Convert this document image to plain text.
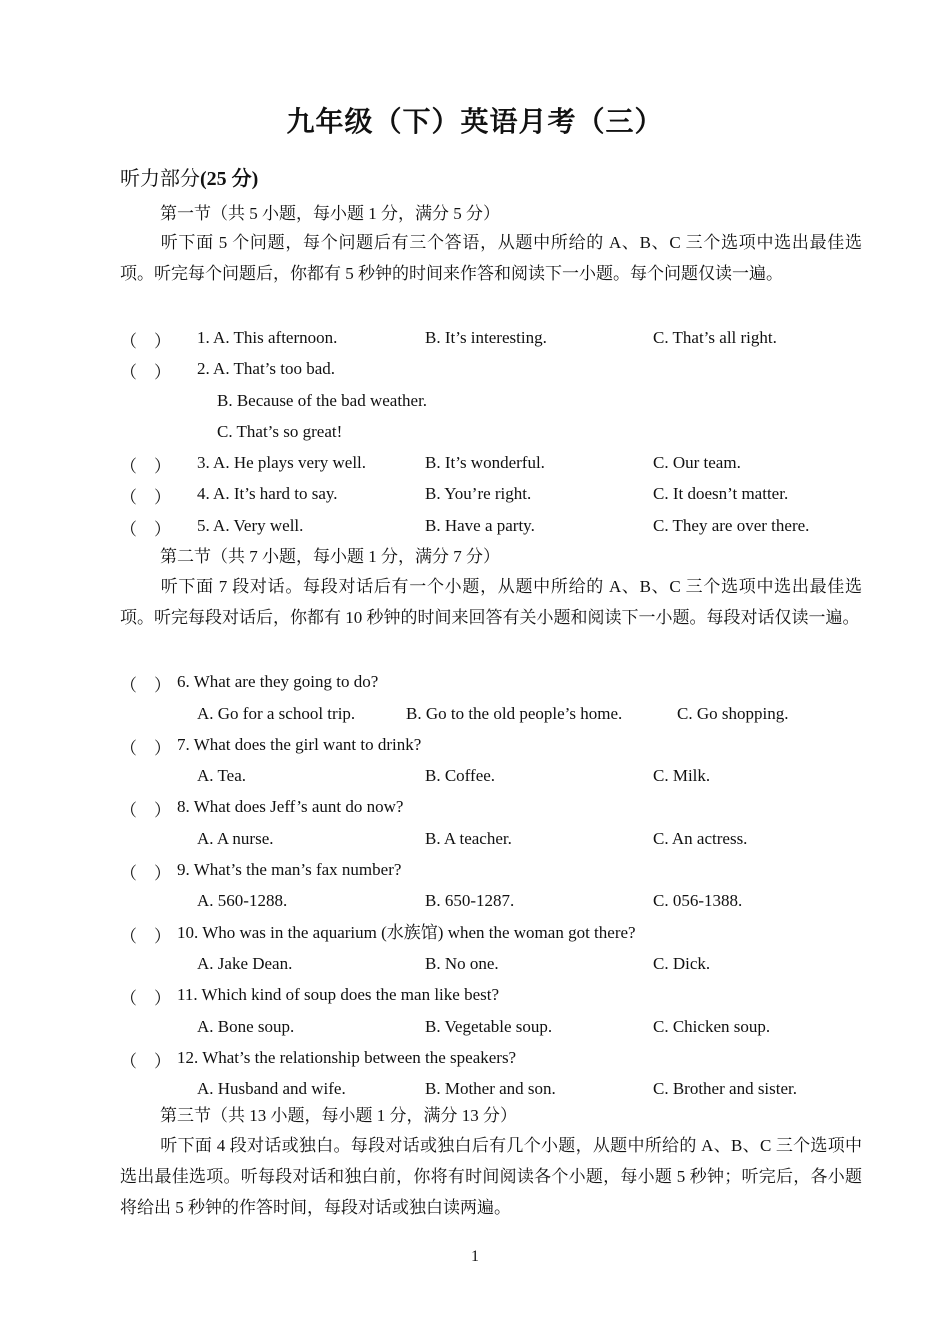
九年级（下）英语月考（三）
听力部分(25 分)
第一节（共 5 小题，每小题 1 分，满分 5 分）
听下面 5 个问题，每个问题后有三个答语，从题中所给的 A、B、C 三个选项中选出最佳选项。听完每个问题后，你都有 5 秒钟的时间来作答和阅读下一小题。每个问题仅读一遍。
（　） 1. A. This afternoon.	B. It’s interesting.	C. That’s all right.
（　） 2. A. That’s too bad.
B. Because of the bad weather.
C. That’s so great!
（　） 3. A. He plays very well.	B. It’s wonderful.	C. Our team.
（　） 4. A. It’s hard to say.	B. You’re right.	C. It doesn’t matter.
（　） 5. A. Very well.	B. Have a party.	C. They are over there.
第二节（共 7 小题，每小题 1 分，满分 7 分）
听下面 7 段对话。每段对话后有一个小题，从题中所给的 A、B、C 三个选项中选出最佳选项。听完每段对话后，你都有 10 秒钟的时间来回答有关小题和阅读下一小题。每段对话仅读一遍。
（　） 6. What are they going to do?
A. Go for a school trip.	B. Go to the old people’s home.	C. Go shopping.
（　） 7. What does the girl want to drink?
A. Tea.	B. Coffee.	C. Milk.
（　） 8. What does Jeff’s aunt do now?
A. A nurse.	B. A teacher.	C. An actress.
（　） 9. What’s the man’s fax number?
A. 560-1288.	B. 650-1287.	C. 056-1388.
（　） 10. Who was in the aquarium (水族馆) when the woman got there?
A. Jake Dean.	B. No one.	C. Dick.
（　） 11. Which kind of soup does the man like best?
A. Bone soup.	B. Vegetable soup.	C. Chicken soup.
（　） 12. What’s the relationship between the speakers?
A. Husband and wife.	B. Mother and son.	C. Brother and sister.
第三节（共 13 小题，每小题 1 分，满分 13 分）
听下面 4 段对话或独白。每段对话或独白后有几个小题，从题中所给的 A、B、C 三个选项中选出最佳选项。听每段对话和独白前，你将有时间阅读各个小题，每小题 5 秒钟；听完后，各小题将给出 5 秒钟的作答时间，每段对话或独白读两遍。
1
